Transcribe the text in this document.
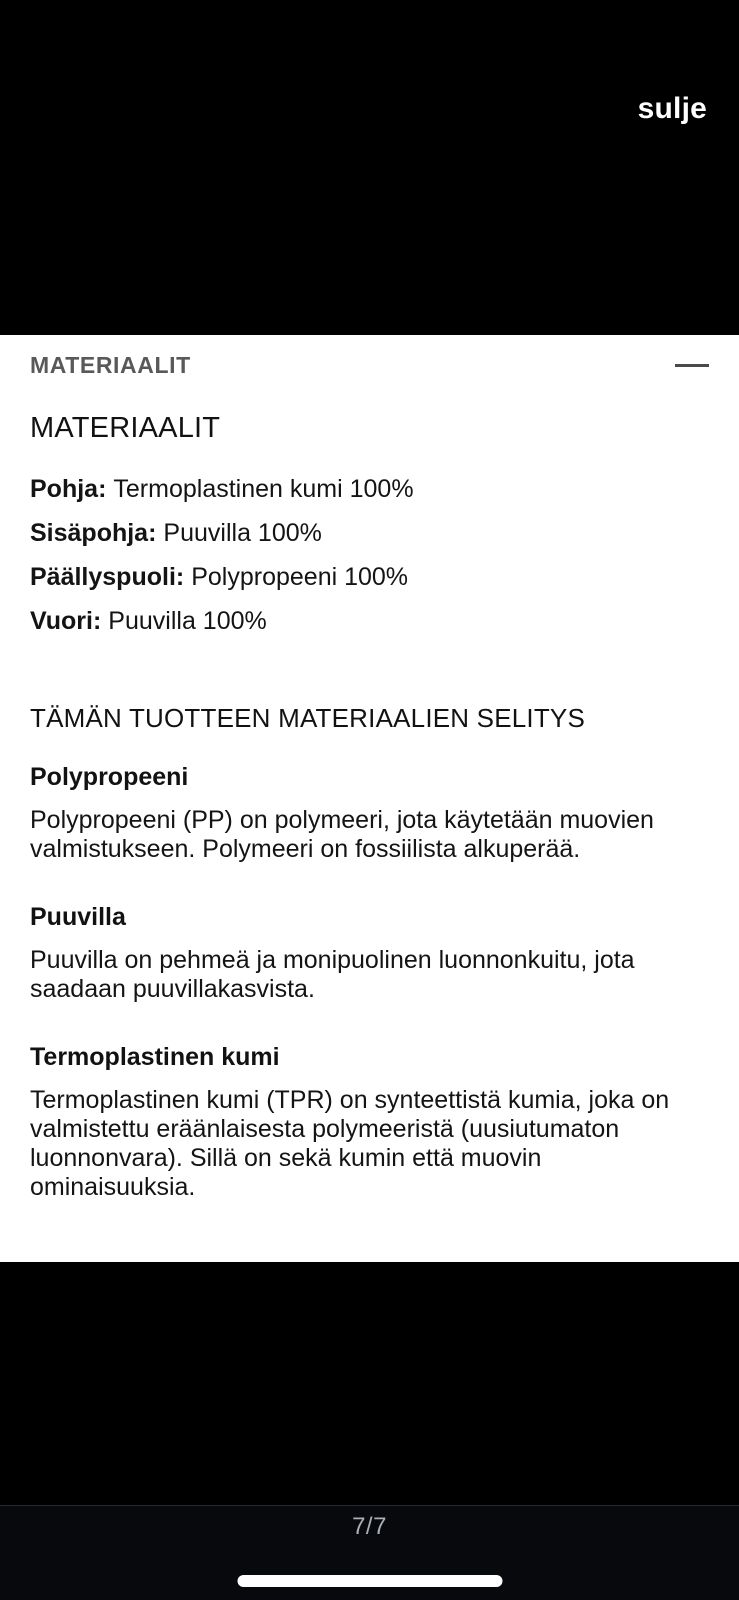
sulje
MATERIAALIT
MATERIAALIT
Pohja: Termoplastinen kumi 100%
Sisäpohja: Puuvilla 100%
Päällyspuoli: Polypropeeni 100%
Vuori: Puuvilla 100%
TÄMÄN TUOTTEEN MATERIAALIEN SELITYS
Polypropeeni

Polypropeeni (PP) on polymeeri, jota käytetään muovien valmistukseen. Polymeeri on fossiilista alkuperää.

Puuvilla

Puuvilla on pehmeä ja monipuolinen luonnonkuitu, jota saadaan puuvillakasvista.

Termoplastinen kumi

Termoplastinen kumi (TPR) on synteettistä kumia, joka on valmistettu eräänlaisesta polymeeristä (uusiutumaton luonnonvara). Sillä on sekä kumin että muovin ominaisuuksia.

7/7
